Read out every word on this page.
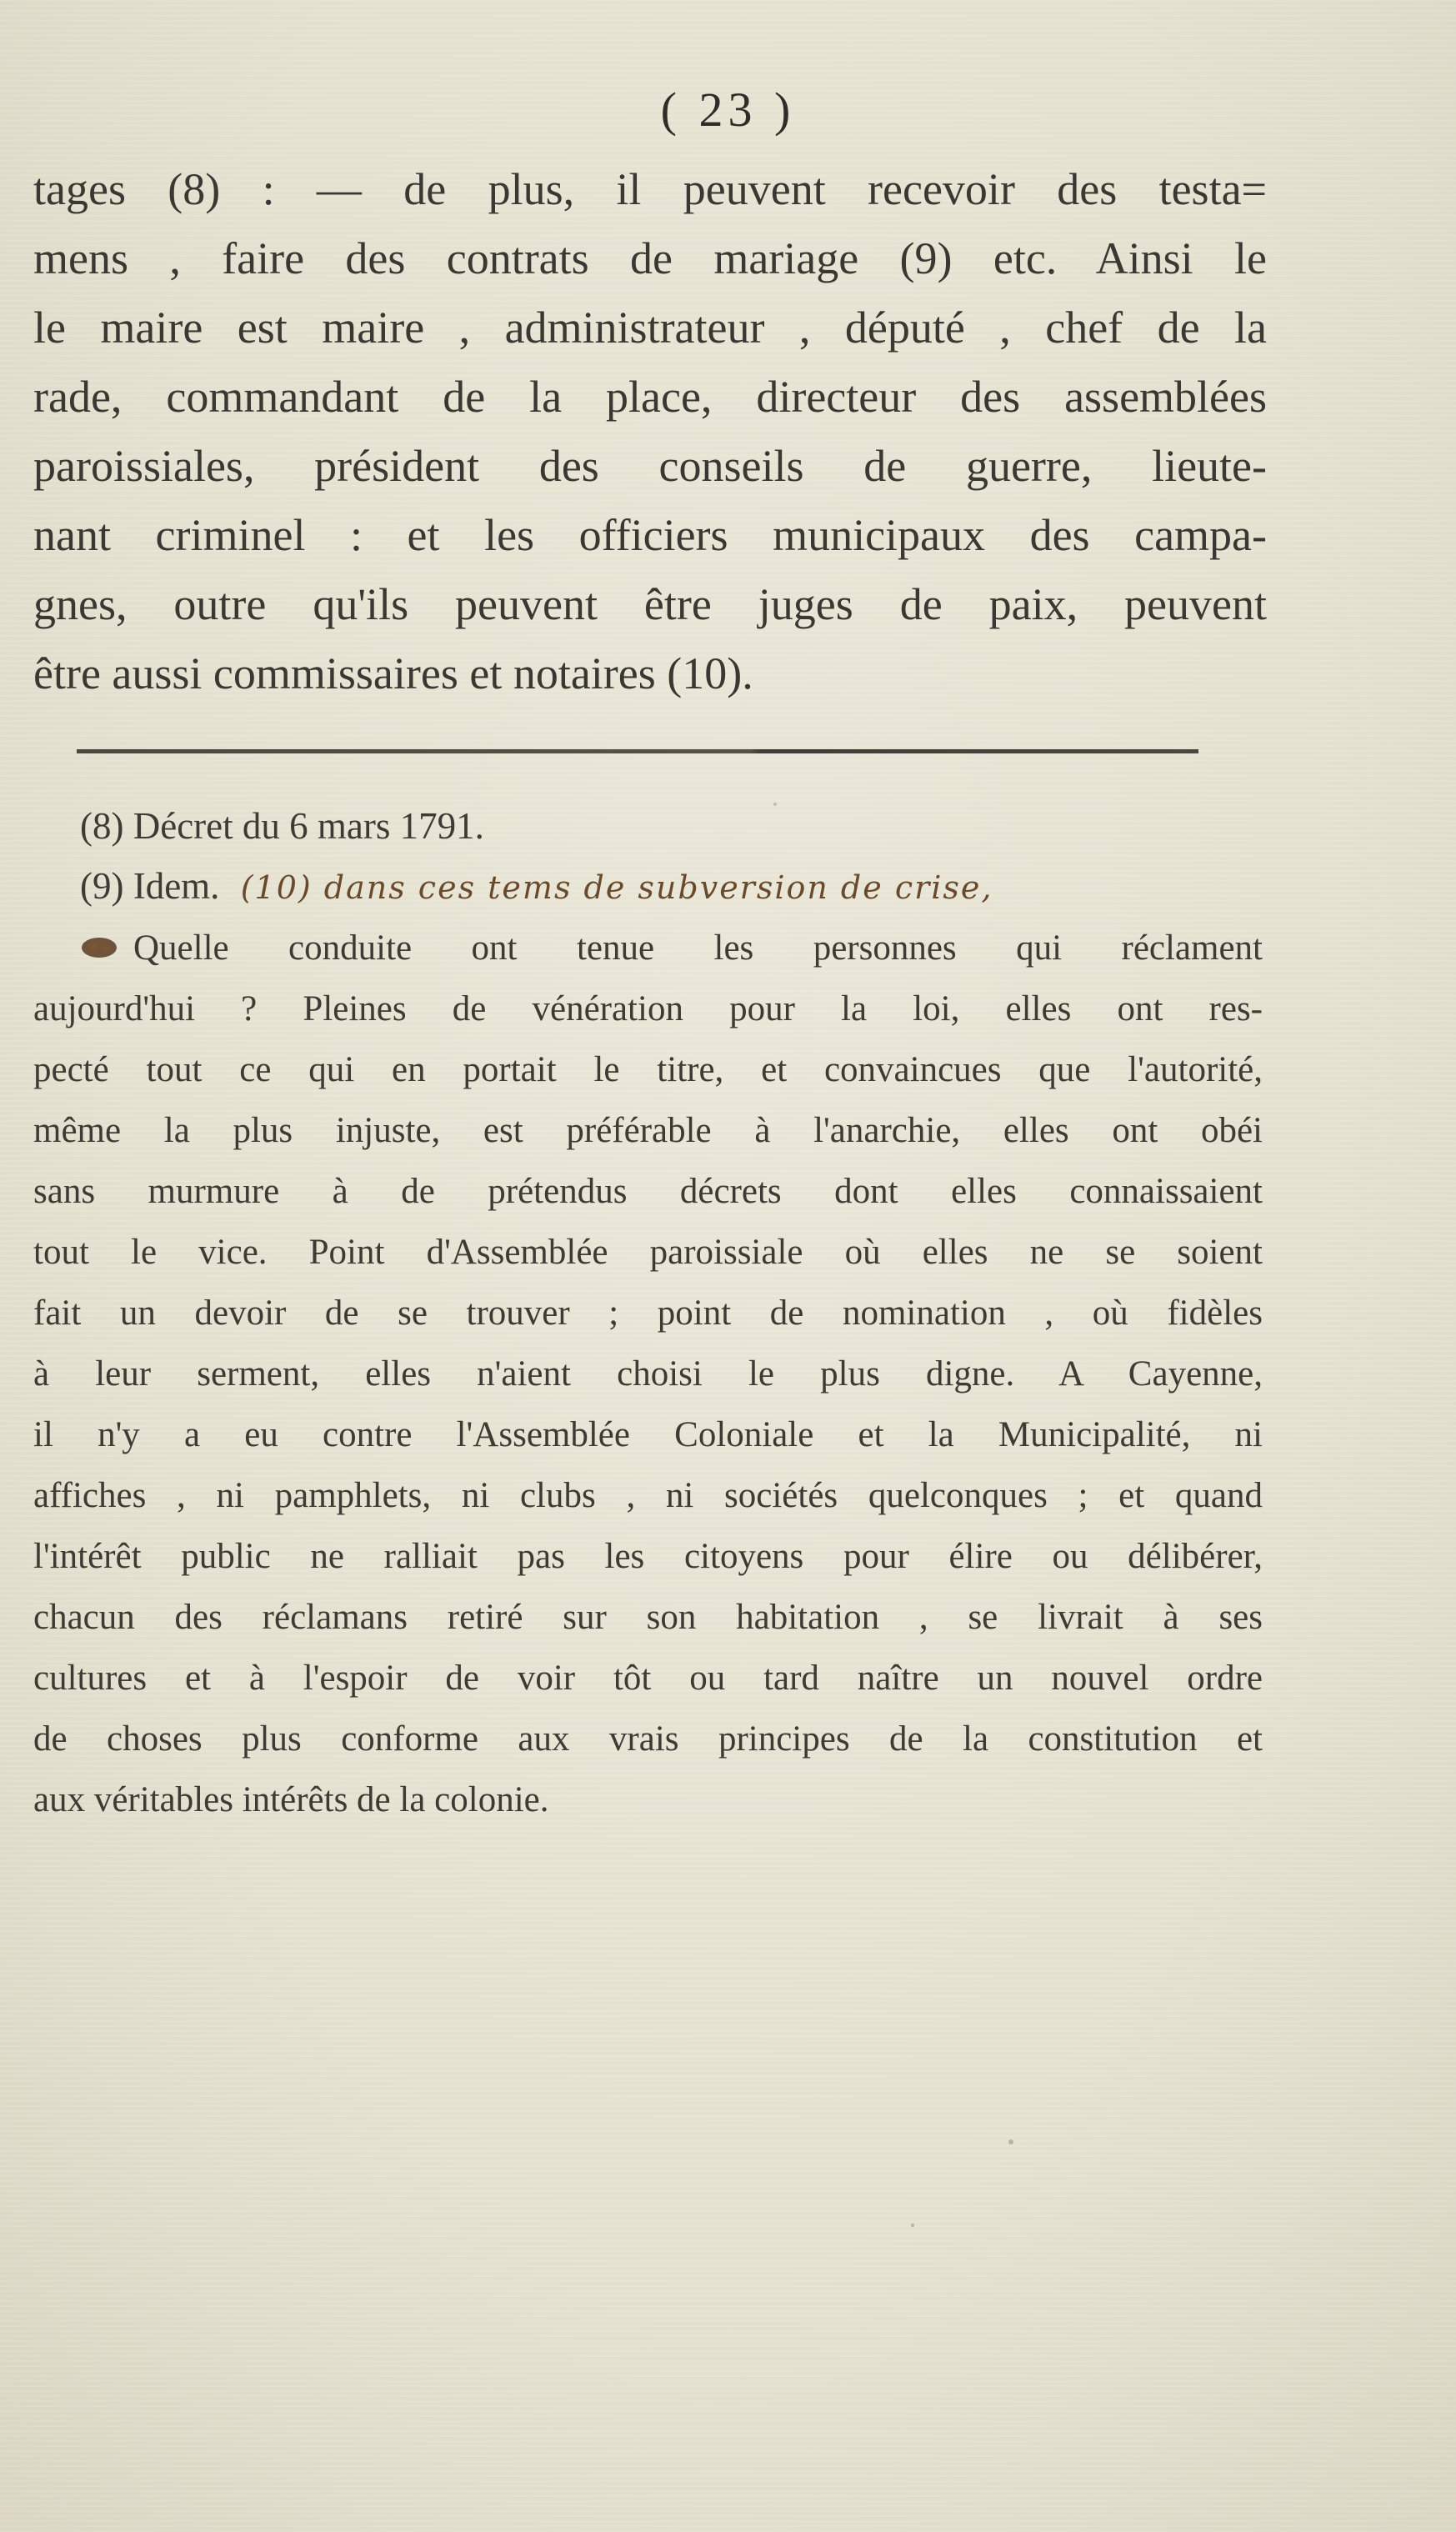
( 23 )
tages (8) : –– de plus, il peuvent recevoir des testa=
mens , faire des contrats de mariage (9) etc. Ainsi le
le maire est maire , administrateur , député , chef de la
rade, commandant de la place, directeur des assemblées
paroissiales, président des conseils de guerre, lieute-
nant criminel : et les officiers municipaux des campa-
gnes, outre qu'ils peuvent être juges de paix, peuvent
être aussi commissaires et notaires (10).
(8) Décret du 6 mars 1791.
(9) Idem. (10) dans ces tems de subversion de crise,
Quelle conduite ont tenue les personnes qui réclament
aujourd'hui ? Pleines de vénération pour la loi, elles ont res-
pecté tout ce qui en portait le titre, et convaincues que l'autorité,
même la plus injuste, est préférable à l'anarchie, elles ont obéi
sans murmure à de prétendus décrets dont elles connaissaient
tout le vice. Point d'Assemblée paroissiale où elles ne se soient
fait un devoir de se trouver ; point de nomination , où fidèles
à leur serment, elles n'aient choisi le plus digne. A Cayenne,
il n'y a eu contre l'Assemblée Coloniale et la Municipalité, ni
affiches , ni pamphlets, ni clubs , ni sociétés quelconques ; et quand
l'intérêt public ne ralliait pas les citoyens pour élire ou délibérer,
chacun des réclamans retiré sur son habitation , se livrait à ses
cultures et à l'espoir de voir tôt ou tard naître un nouvel ordre
de choses plus conforme aux vrais principes de la constitution et
aux véritables intérêts de la colonie.
